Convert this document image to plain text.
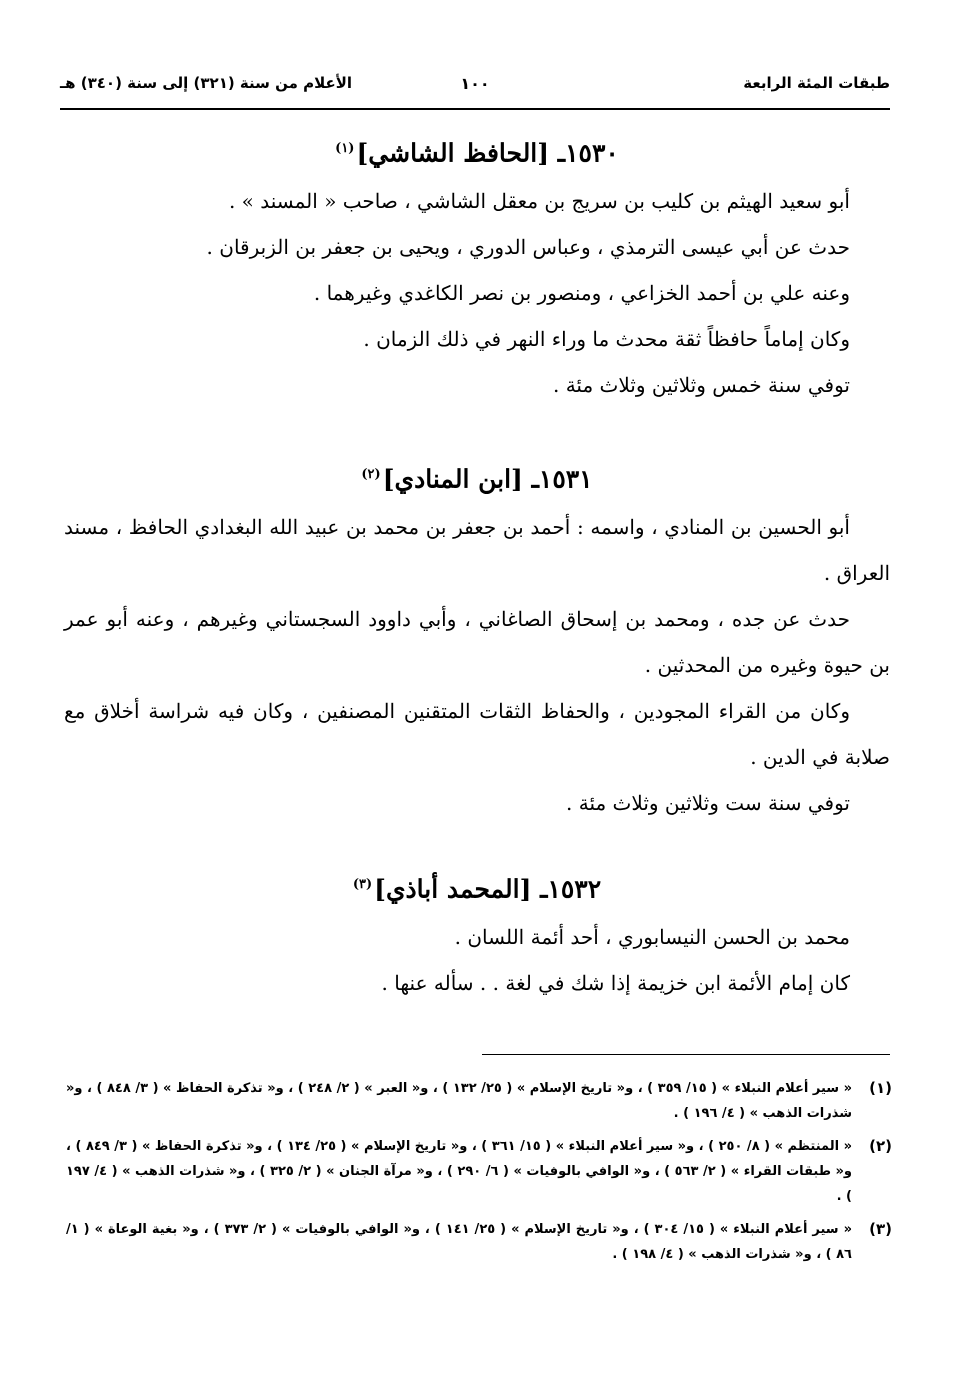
طبقات المئة الرابعة
١٠٠
الأعلام من سنة (٣٢١) إلى سنة (٣٤٠) هـ
١٥٣٠ـ [الحافظ الشاشي]$^{(١)}$

أبو سعيد الهيثم بن كليب بن سريج بن معقل الشاشي ، صاحب « المسند » .

حدث عن أبي عيسى الترمذي ، وعباس الدوري ، ويحيى بن جعفر بن الزبرقان .

وعنه علي بن أحمد الخزاعي ، ومنصور بن نصر الكاغدي وغيرهما .

وكان إماماً حافظاً ثقة محدث ما وراء النهر في ذلك الزمان .

توفي سنة خمس وثلاثين وثلاث مئة .

١٥٣١ـ [ابن المنادي]$^{(٢)}$

أبو الحسين بن المنادي ، واسمه : أحمد بن جعفر بن محمد بن عبيد الله البغدادي الحافظ ، مسند العراق .

حدث عن جده ، ومحمد بن إسحاق الصاغاني ، وأبي داوود السجستاني وغيرهم ، وعنه أبو عمر بن حيوة وغيره من المحدثين .

وكان من القراء المجودين ، والحفاظ الثقات المتقنين المصنفين ، وكان فيه شراسة أخلاق مع صلابة في الدين .

توفي سنة ست وثلاثين وثلاث مئة .

١٥٣٢ـ [المحمد أباذي]$^{(٣)}$

محمد بن الحسن النيسابوري ، أحد أئمة اللسان .

كان إمام الأئمة ابن خزيمة إذا شك في لغة . . سأله عنها .

(١)
« سير أعلام النبلاء » ( ١٥/ ٣٥٩ ) ، و« تاريخ الإسلام » ( ٢٥/ ١٣٢ ) ، و« العبر » ( ٢/ ٢٤٨ ) ، و« تذكرة الحفاظ » ( ٣/ ٨٤٨ ) ، و« شذرات الذهب » ( ٤/ ١٩٦ ) .
(٢)
« المنتظم » ( ٨/ ٢٥٠ ) ، و« سير أعلام النبلاء » ( ١٥/ ٣٦١ ) ، و« تاريخ الإسلام » ( ٢٥/ ١٣٤ ) ، و« تذكرة الحفاظ » ( ٣/ ٨٤٩ ) ، و« طبقات القراء » ( ٢/ ٥٦٣ ) ، و« الوافي بالوفيات » ( ٦/ ٢٩٠ ) ، و« مرآة الجنان » ( ٢/ ٣٢٥ ) ، و« شذرات الذهب » ( ٤/ ١٩٧ ) .
(٣)
« سير أعلام النبلاء » ( ١٥/ ٣٠٤ ) ، و« تاريخ الإسلام » ( ٢٥/ ١٤١ ) ، و« الوافي بالوفيات » ( ٢/ ٣٧٣ ) ، و« بغية الوعاة » ( ١/ ٨٦ ) ، و« شذرات الذهب » ( ٤/ ١٩٨ ) .
